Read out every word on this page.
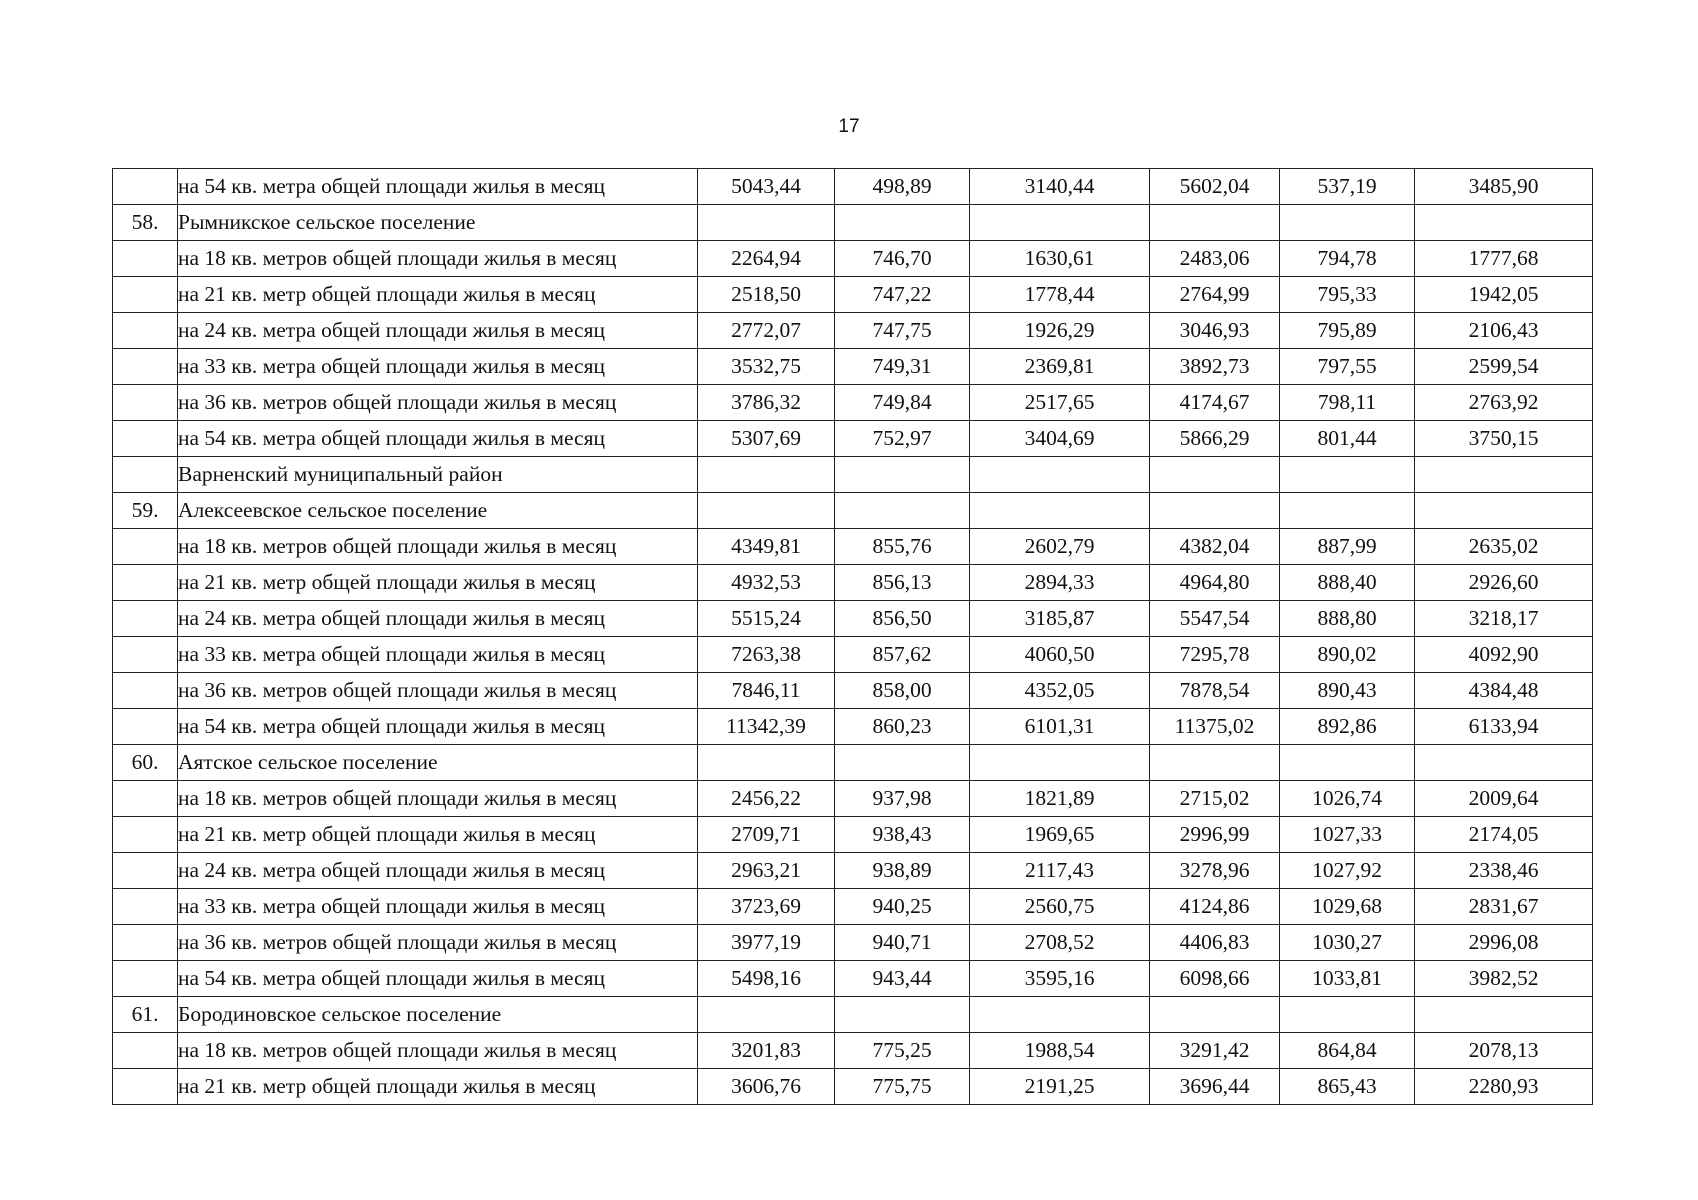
17
	на 54 кв. метра общей площади жилья в месяц	5043,44	498,89	3140,44	5602,04	537,19	3485,90
58.	Рымникское сельское поселение						
	на 18 кв. метров общей площади жилья в месяц	2264,94	746,70	1630,61	2483,06	794,78	1777,68
	на 21 кв. метр общей площади жилья в месяц	2518,50	747,22	1778,44	2764,99	795,33	1942,05
	на 24 кв. метра общей площади жилья в месяц	2772,07	747,75	1926,29	3046,93	795,89	2106,43
	на 33 кв. метра общей площади жилья в месяц	3532,75	749,31	2369,81	3892,73	797,55	2599,54
	на 36 кв. метров общей площади жилья в месяц	3786,32	749,84	2517,65	4174,67	798,11	2763,92
	на 54 кв. метра общей площади жилья в месяц	5307,69	752,97	3404,69	5866,29	801,44	3750,15
	Варненский муниципальный район						
59.	Алексеевское сельское поселение						
	на 18 кв. метров общей площади жилья в месяц	4349,81	855,76	2602,79	4382,04	887,99	2635,02
	на 21 кв. метр общей площади жилья в месяц	4932,53	856,13	2894,33	4964,80	888,40	2926,60
	на 24 кв. метра общей площади жилья в месяц	5515,24	856,50	3185,87	5547,54	888,80	3218,17
	на 33 кв. метра общей площади жилья в месяц	7263,38	857,62	4060,50	7295,78	890,02	4092,90
	на 36 кв. метров общей площади жилья в месяц	7846,11	858,00	4352,05	7878,54	890,43	4384,48
	на 54 кв. метра общей площади жилья в месяц	11342,39	860,23	6101,31	11375,02	892,86	6133,94
60.	Аятское сельское поселение						
	на 18 кв. метров общей площади жилья в месяц	2456,22	937,98	1821,89	2715,02	1026,74	2009,64
	на 21 кв. метр общей площади жилья в месяц	2709,71	938,43	1969,65	2996,99	1027,33	2174,05
	на 24 кв. метра общей площади жилья в месяц	2963,21	938,89	2117,43	3278,96	1027,92	2338,46
	на 33 кв. метра общей площади жилья в месяц	3723,69	940,25	2560,75	4124,86	1029,68	2831,67
	на 36 кв. метров общей площади жилья в месяц	3977,19	940,71	2708,52	4406,83	1030,27	2996,08
	на 54 кв. метра общей площади жилья в месяц	5498,16	943,44	3595,16	6098,66	1033,81	3982,52
61.	Бородиновское сельское поселение						
	на 18 кв. метров общей площади жилья в месяц	3201,83	775,25	1988,54	3291,42	864,84	2078,13
	на 21 кв. метр общей площади жилья в месяц	3606,76	775,75	2191,25	3696,44	865,43	2280,93
